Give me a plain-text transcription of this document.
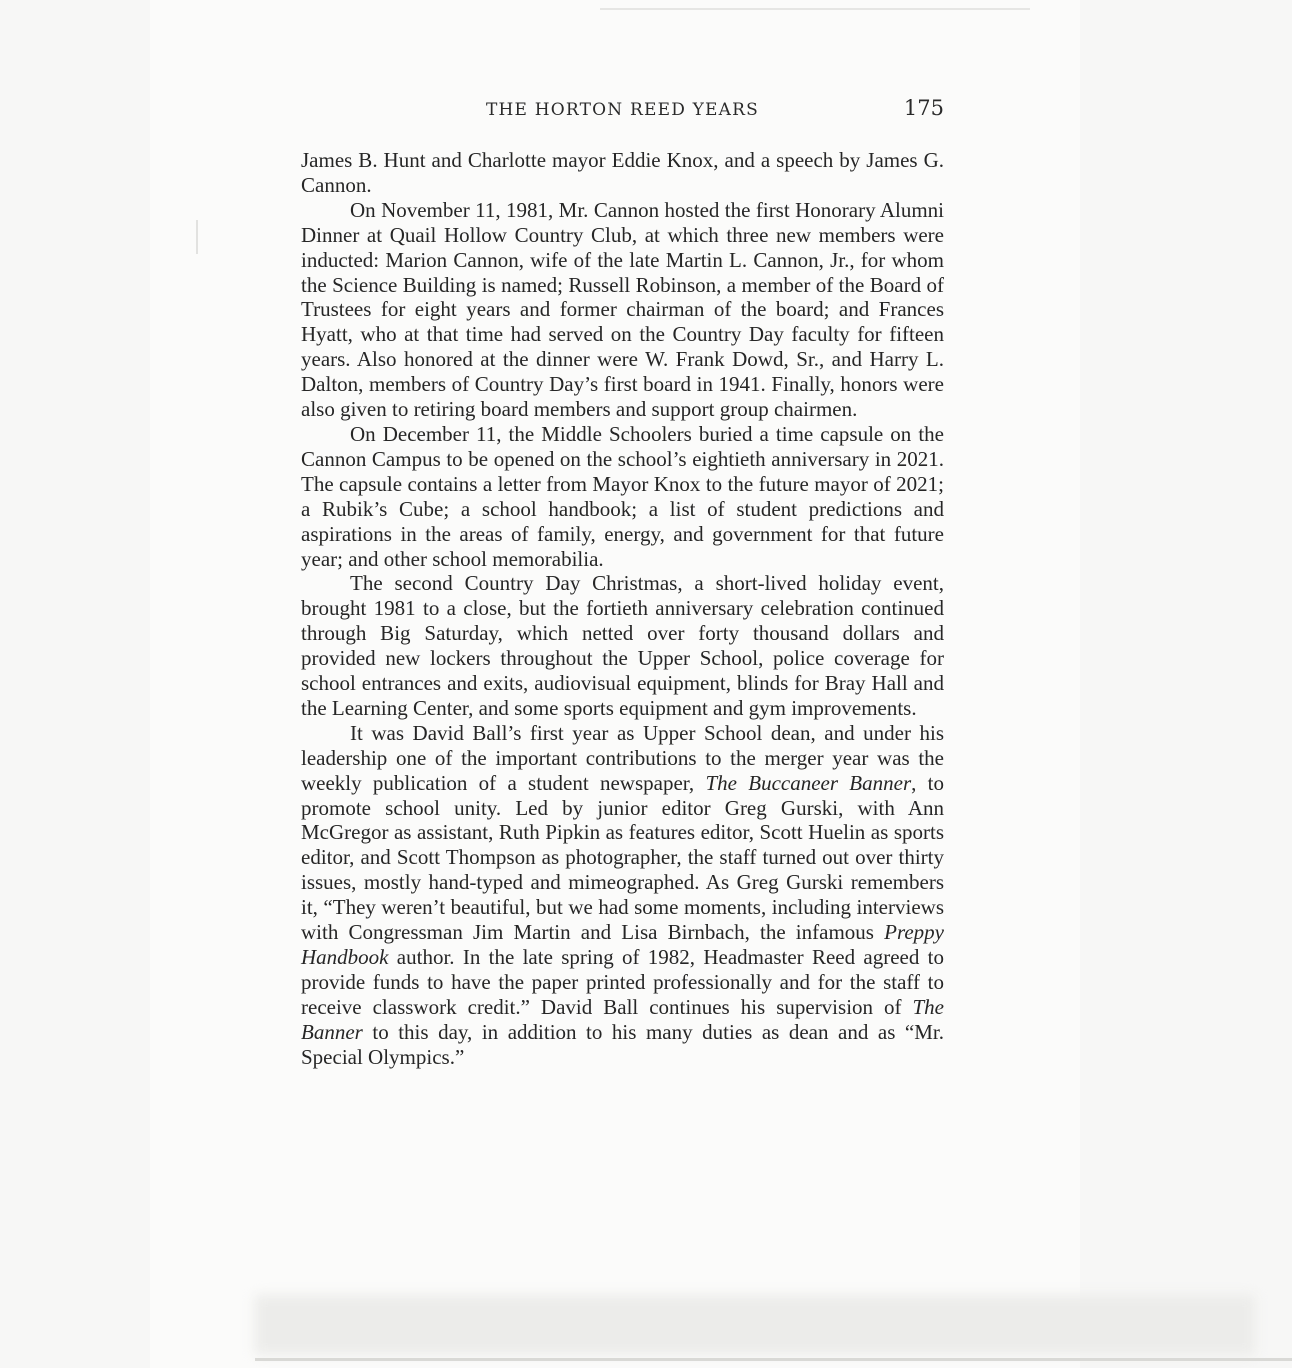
THE HORTON REED YEARS	175

James B. Hunt and Charlotte mayor Eddie Knox, and a speech by James G. Cannon.

On November 11, 1981, Mr. Cannon hosted the first Honorary Alumni Dinner at Quail Hollow Country Club, at which three new members were inducted: Marion Cannon, wife of the late Martin L. Cannon, Jr., for whom the Science Building is named; Russell Robinson, a member of the Board of Trustees for eight years and former chairman of the board; and Frances Hyatt, who at that time had served on the Country Day faculty for fifteen years. Also honored at the dinner were W. Frank Dowd, Sr., and Harry L. Dalton, members of Country Day’s first board in 1941. Finally, honors were also given to retiring board members and support group chairmen.

On December 11, the Middle Schoolers buried a time capsule on the Cannon Campus to be opened on the school’s eightieth anniversary in 2021. The capsule contains a letter from Mayor Knox to the future mayor of 2021; a Rubik’s Cube; a school handbook; a list of student predictions and aspirations in the areas of family, energy, and government for that future year; and other school memorabilia.

The second Country Day Christmas, a short-lived holiday event, brought 1981 to a close, but the fortieth anniversary celebration continued through Big Saturday, which netted over forty thousand dollars and provided new lockers throughout the Upper School, police coverage for school entrances and exits, audiovisual equipment, blinds for Bray Hall and the Learning Center, and some sports equipment and gym improvements.

It was David Ball’s first year as Upper School dean, and under his leadership one of the important contributions to the merger year was the weekly publication of a student newspaper, The Buccaneer Banner, to promote school unity. Led by junior editor Greg Gurski, with Ann McGregor as assistant, Ruth Pipkin as features editor, Scott Huelin as sports editor, and Scott Thompson as photographer, the staff turned out over thirty issues, mostly hand-typed and mimeographed. As Greg Gurski remembers it, “They weren’t beautiful, but we had some moments, including interviews with Congressman Jim Martin and Lisa Birnbach, the infamous Preppy Handbook author. In the late spring of 1982, Headmaster Reed agreed to provide funds to have the paper printed professionally and for the staff to receive classwork credit.” David Ball continues his supervision of The Banner to this day, in addition to his many duties as dean and as “Mr. Special Olympics.”
